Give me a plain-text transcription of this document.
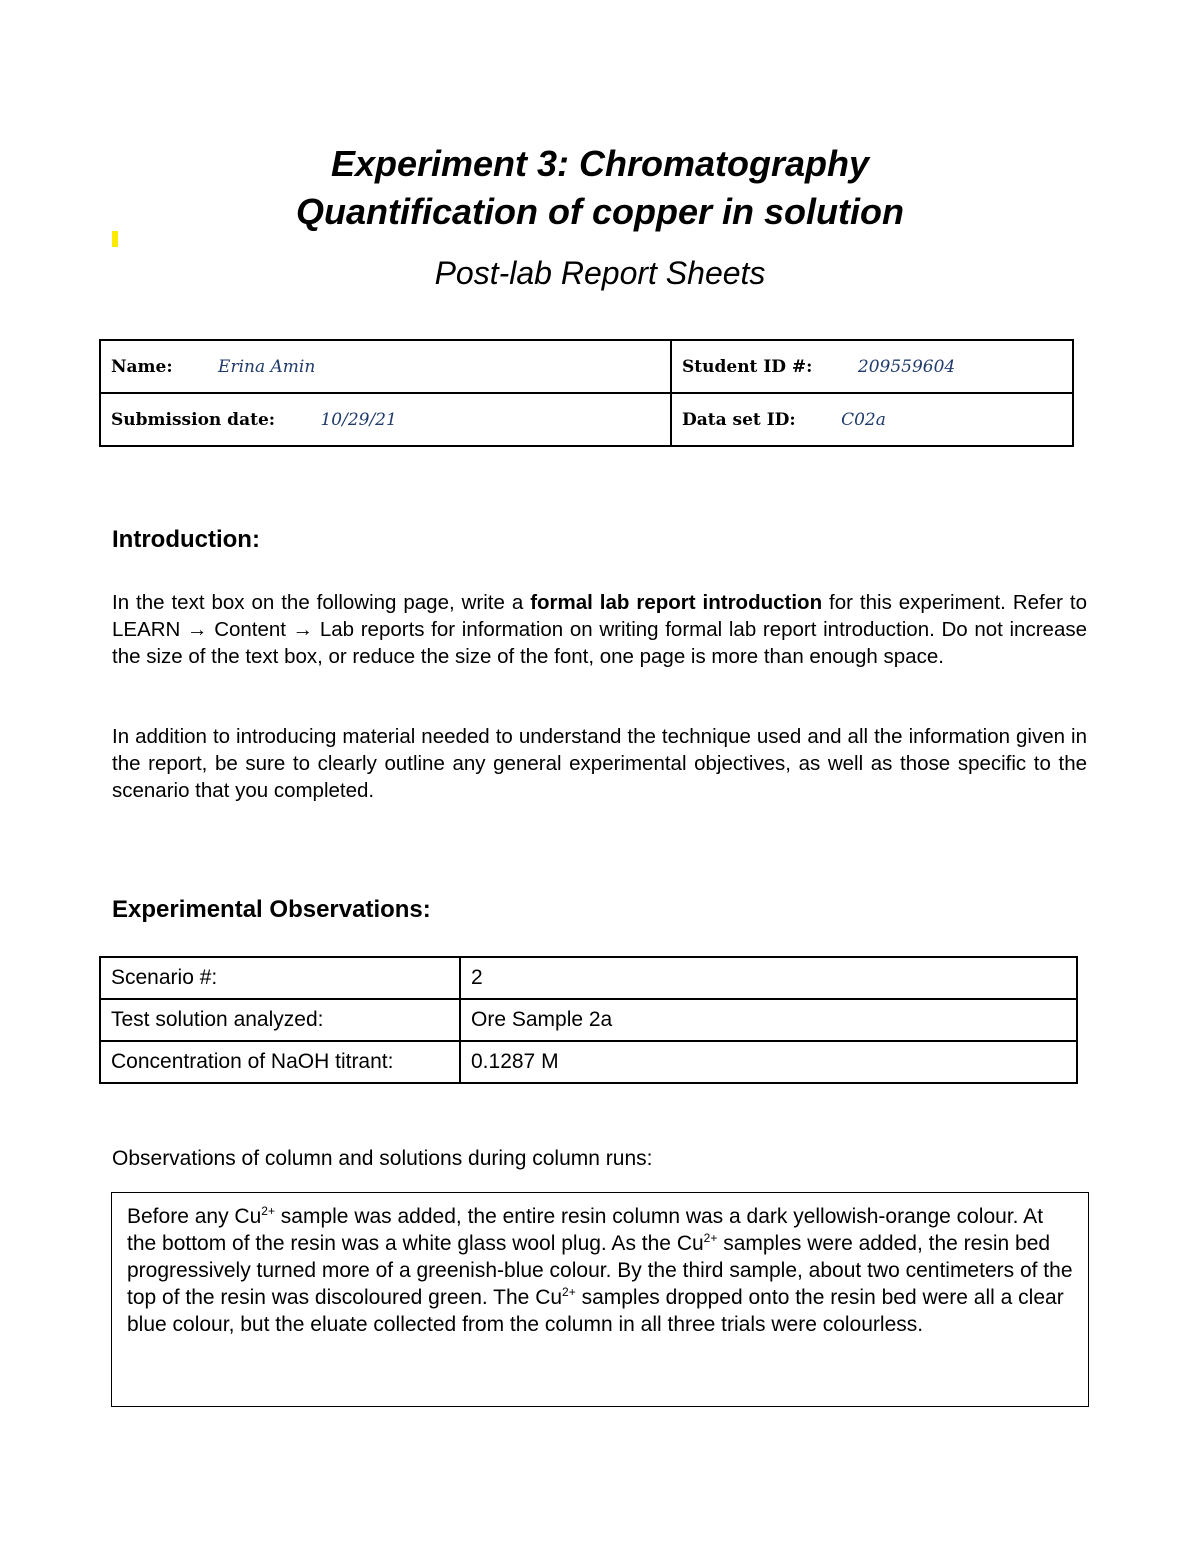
Experiment 3: Chromatography
Quantification of copper in solution
Post-lab Report Sheets
Name: Erina Amin	Student ID #: 209559604
Submission date: 10/29/21	Data set ID: C02a
Introduction:
In the text box on the following page, write a formal lab report introduction for this experiment. Refer to LEARN → Content → Lab reports for information on writing formal lab report introduction. Do not increase the size of the text box, or reduce the size of the font, one page is more than enough space.
In addition to introducing material needed to understand the technique used and all the information given in the report, be sure to clearly outline any general experimental objectives, as well as those specific to the scenario that you completed.
Experimental Observations:
Scenario #:	2
Test solution analyzed:	Ore Sample 2a
Concentration of NaOH titrant:	0.1287 M
Observations of column and solutions during column runs:
Before any $Cu^{2+}$ sample was added, the entire resin column was a dark yellowish-orange colour. At the bottom of the resin was a white glass wool plug. As the $Cu^{2+}$ samples were added, the resin bed progressively turned more of a greenish-blue colour. By the third sample, about two centimeters of the top of the resin was discoloured green. The $Cu^{2+}$ samples dropped onto the resin bed were all a clear blue colour, but the eluate collected from the column in all three trials were colourless.
